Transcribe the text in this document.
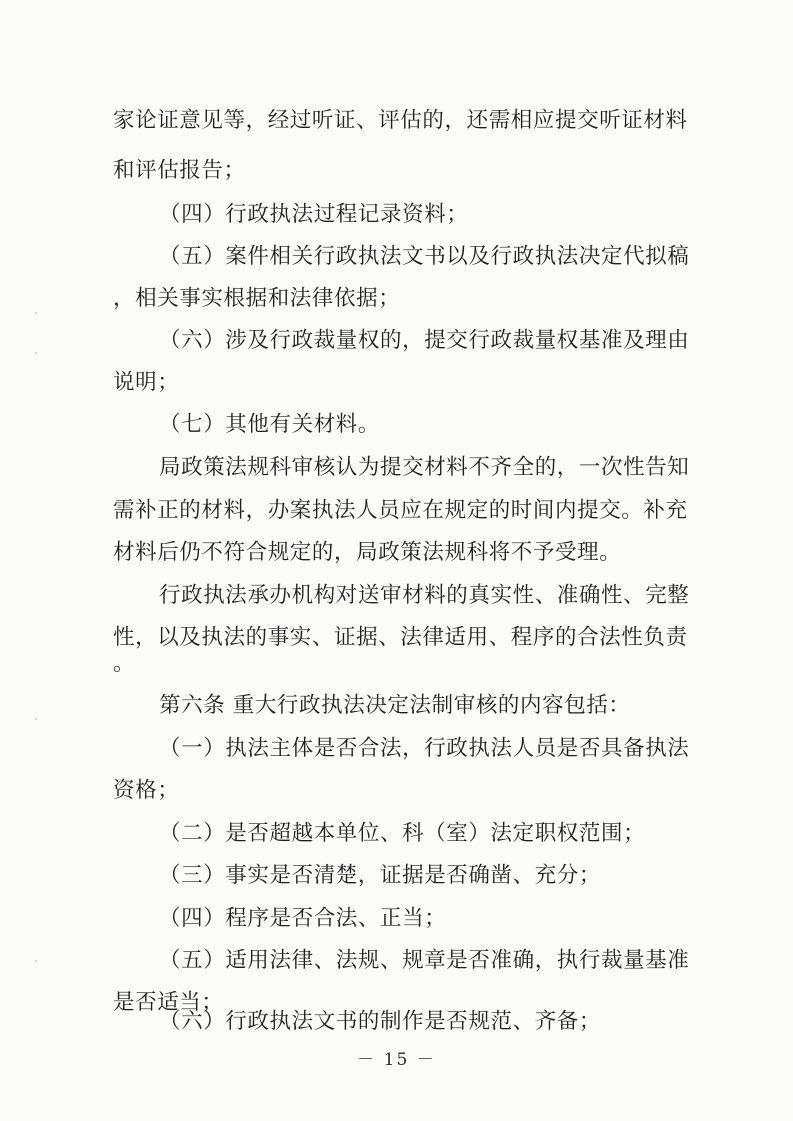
家论证意见等，经过听证、评估的，还需相应提交听证材料
和评估报告；
（四）行政执法过程记录资料；
（五）案件相关行政执法文书以及行政执法决定代拟稿
，相关事实根据和法律依据；
（六）涉及行政裁量权的，提交行政裁量权基准及理由
说明；
（七）其他有关材料。
局政策法规科审核认为提交材料不齐全的，一次性告知
需补正的材料，办案执法人员应在规定的时间内提交。补充
材料后仍不符合规定的，局政策法规科将不予受理。
行政执法承办机构对送审材料的真实性、准确性、完整
性，以及执法的事实、证据、法律适用、程序的合法性负责
。
第六条 重大行政执法决定法制审核的内容包括：
（一）执法主体是否合法，行政执法人员是否具备执法
资格；
（二）是否超越本单位、科（室）法定职权范围；
（三）事实是否清楚，证据是否确凿、充分；
（四）程序是否合法、正当；
（五）适用法律、法规、规章是否准确，执行裁量基准
是否适当；
（六）行政执法文书的制作是否规范、齐备；
－ 15 －
